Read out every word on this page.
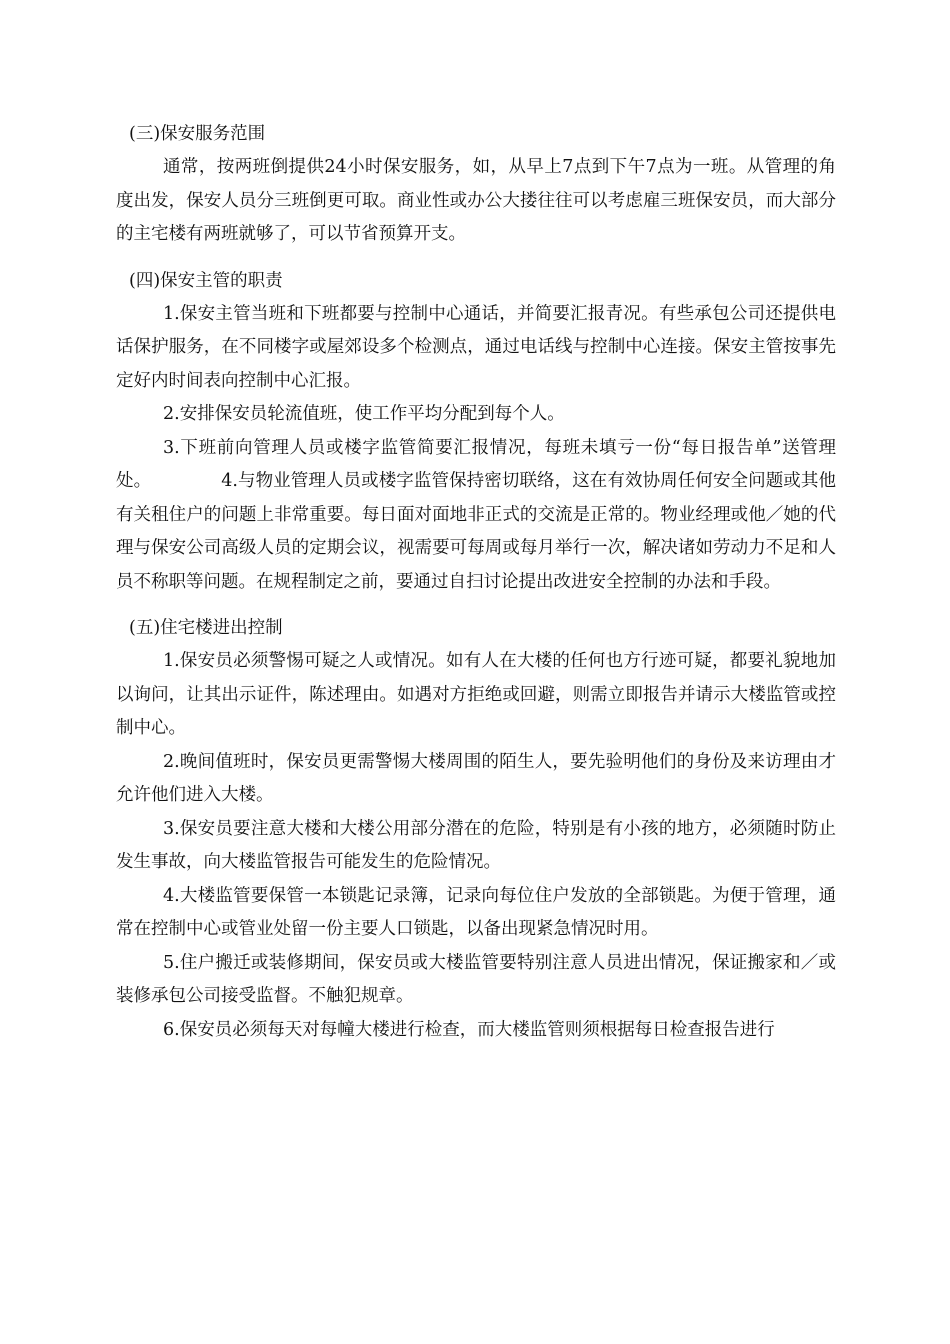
(三)保安服务范围

通常，按两班倒提供24小时保安服务，如，从早上7点到下午7点为一班。从管理的角度出发，保安人员分三班倒更可取。商业性或办公大搂往往可以考虑雇三班保安员，而大部分的主宅楼有两班就够了，可以节省预算开支。

(四)保安主管的职责

1.保安主管当班和下班都要与控制中心通话，并简要汇报青况。有些承包公司还提供电话保护服务，在不同楼字或屋郊设多个检测点，通过电话线与控制中心连接。保安主管按事先定好内时间表向控制中心汇报。

2.安排保安员轮流值班，使工作平均分配到每个人。

3.下班前向管理人员或楼字监管简要汇报情况，每班未填亏一份“每日报告单”送管理处。	4.与物业管理人员或楼字监管保持密切联络，这在有效协周任何安全问题或其他有关租住户的问题上非常重要。每日面对面地非正式的交流是正常的。物业经理或他／她的代理与保安公司高级人员的定期会议，视需要可每周或每月举行一次，解决诸如劳动力不足和人员不称职等问题。在规程制定之前，要通过自扫讨论提出改进安全控制的办法和手段。

(五)住宅楼进出控制

1.保安员必须警惕可疑之人或情况。如有人在大楼的任何也方行迹可疑，都要礼貌地加以询问，让其出示证件，陈述理由。如遇对方拒绝或回避，则需立即报告并请示大楼监管或控制中心。

2.晚间值班时，保安员更需警惕大楼周围的陌生人，要先验明他们的身份及来访理由才允许他们进入大楼。

3.保安员要注意大楼和大楼公用部分潜在的危险，特别是有小孩的地方，必须随时防止发生事故，向大楼监管报告可能发生的危险情况。

4.大楼监管要保管一本锁匙记录簿，记录向每位住户发放的全部锁匙。为便于管理，通常在控制中心或管业处留一份主要人口锁匙，以备出现紧急情况时用。

5.住户搬迁或装修期间，保安员或大楼监管要特别注意人员进出情况，保证搬家和／或装修承包公司接受监督。不触犯规章。

6.保安员必须每天对每幢大楼进行检查，而大楼监管则须根据每日检查报告进行
